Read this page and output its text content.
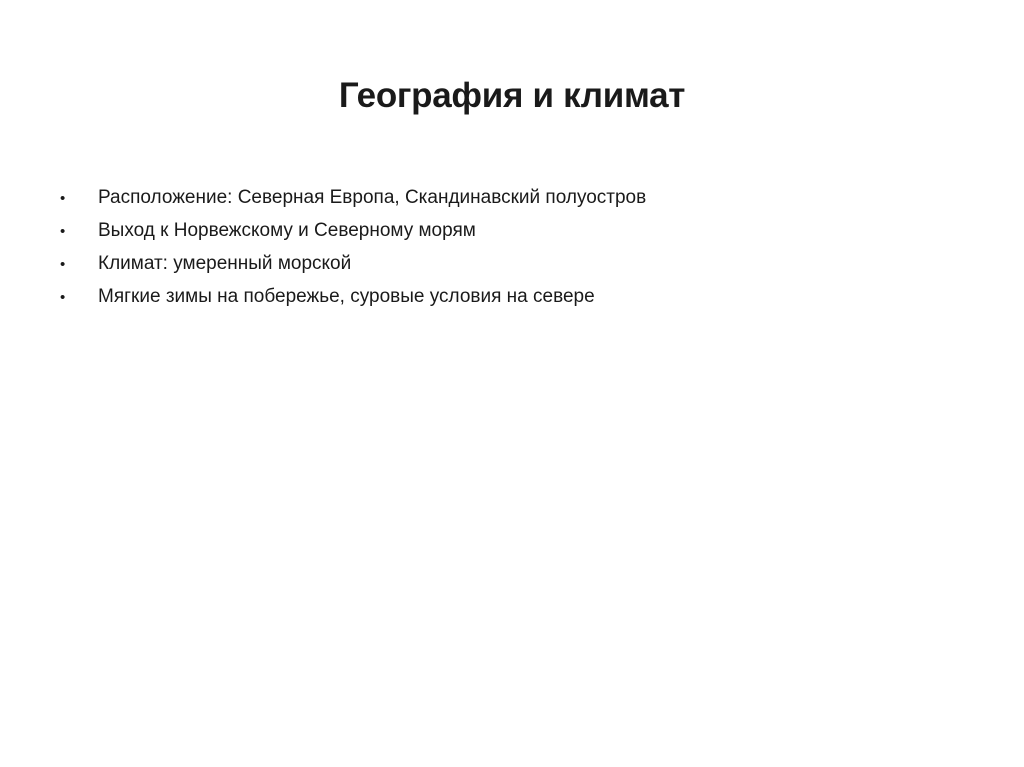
География и климат
•	Расположение: Северная Европа, Скандинавский полуостров
•	Выход к Норвежскому и Северному морям
•	Климат: умеренный морской
•	Мягкие зимы на побережье, суровые условия на севере
